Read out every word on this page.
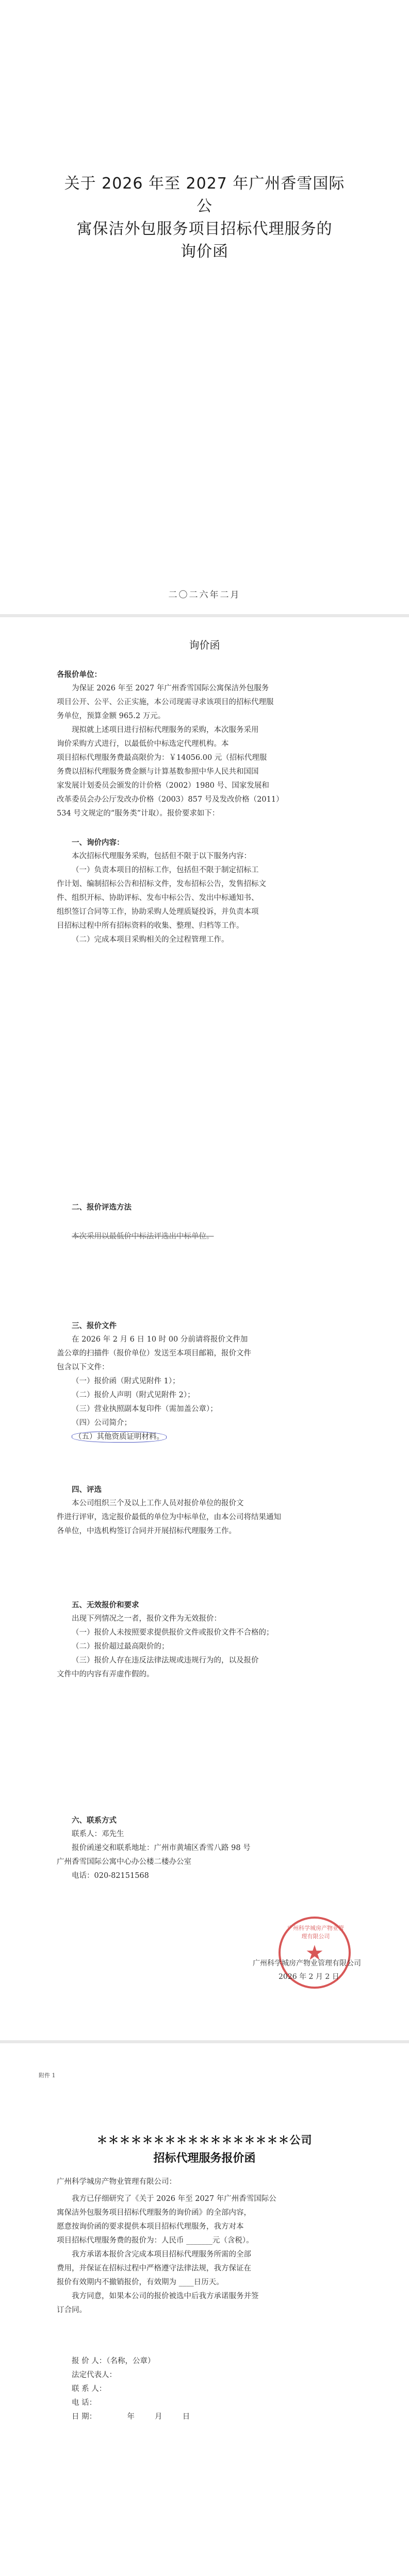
关于 2026 年至 2027 年广州香雪国际公
寓保洁外包服务项目招标代理服务的
询价函
二〇二六年二月
询价函

各报价单位：

为保证 2026 年至 2027 年广州香雪国际公寓保洁外包服务

项目公开、公平、公正实施，本公司现需寻求该项目的招标代理服

务单位，预算金额 965.2 万元。

现拟就上述项目进行招标代理服务的采购，本次服务采用

询价采购方式进行，以最低价中标选定代理机构。本

项目招标代理服务费最高限价为：￥14056.00 元（招标代理服

务费以招标代理服务费金额与计算基数参照中华人民共和国国

家发展计划委员会颁发的计价格（2002）1980 号、国家发展和

改革委员会办公厅发改办价格（2003）857 号及发改价格（2011）

534 号文规定的“服务类”计取）。报价要求如下：

一、询价内容：

本次招标代理服务采购，包括但不限于以下服务内容：

（一）负责本项目的招标工作，包括但不限于制定招标工

作计划、编制招标公告和招标文件，发布招标公告，发售招标文

件、组织开标、协助评标、发布中标公告、发出中标通知书、

组织签订合同等工作，协助采购人处理质疑投诉，并负责本项

目招标过程中所有招标资料的收集、整理、归档等工作。

（二）完成本项目采购相关的全过程管理工作。

二、报价评选方法

本次采用以最低价中标法评选出中标单位。

三、报价文件

在 2026 年 2 月 6 日 10 时 00 分前请将报价文件加

盖公章的扫描件（报价单位）发送至本项目邮箱，报价文件

包含以下文件：

（一）报价函（附式见附件 1）；

（二）报价人声明（附式见附件 2）；

（三）营业执照副本复印件（需加盖公章）；

（四）公司简介；

（五）其他资质证明材料。

四、评选

本公司组织三个及以上工作人员对报价单位的报价文

件进行评审，选定报价最低的单位为中标单位，由本公司将结果通知

各单位，中选机构签订合同并开展招标代理服务工作。

五、无效报价和要求

出现下列情况之一者，报价文件为无效报价：

（一）报价人未按照要求提供报价文件或报价文件不合格的；

（二）报价超过最高限价的；

（三）报价人存在违反法律法规或违规行为的，以及报价

文件中的内容有弄虚作假的。

六、联系方式

联系人：邓先生

报价函递交和联系地址：广州市黄埔区香雪八路 98 号

广州香雪国际公寓中心办公楼二楼办公室

电话：020-82151568

广州科学城房产物业管理有限公司
★
广州科学城房产物业管理有限公司
2026 年 2 月 2 日
附件 1
＊＊＊＊＊＊＊＊＊＊＊＊＊＊＊＊＊公司
招标代理服务报价函

广州科学城房产物业管理有限公司：

我方已仔细研究了《关于 2026 年至 2027 年广州香雪国际公

寓保洁外包服务项目招标代理服务的询价函》的全部内容，

愿意按询价函的要求提供本项目招标代理服务，我方对本

项目招标代理服务费的报价为：人民币 _______元（含税）。

我方承诺本报价含完成本项目招标代理服务所需的全部

费用，并保证在招标过程中严格遵守法律法规，我方保证在

报价有效期内不撤销报价，有效期为 ____日历天。

我方同意，如果本公司的报价被选中后我方承诺服务并签

订合同。

报 价 人：（名称，公章）

法定代表人：

联 系 人：

电 话：

日 期：	年	月	日
